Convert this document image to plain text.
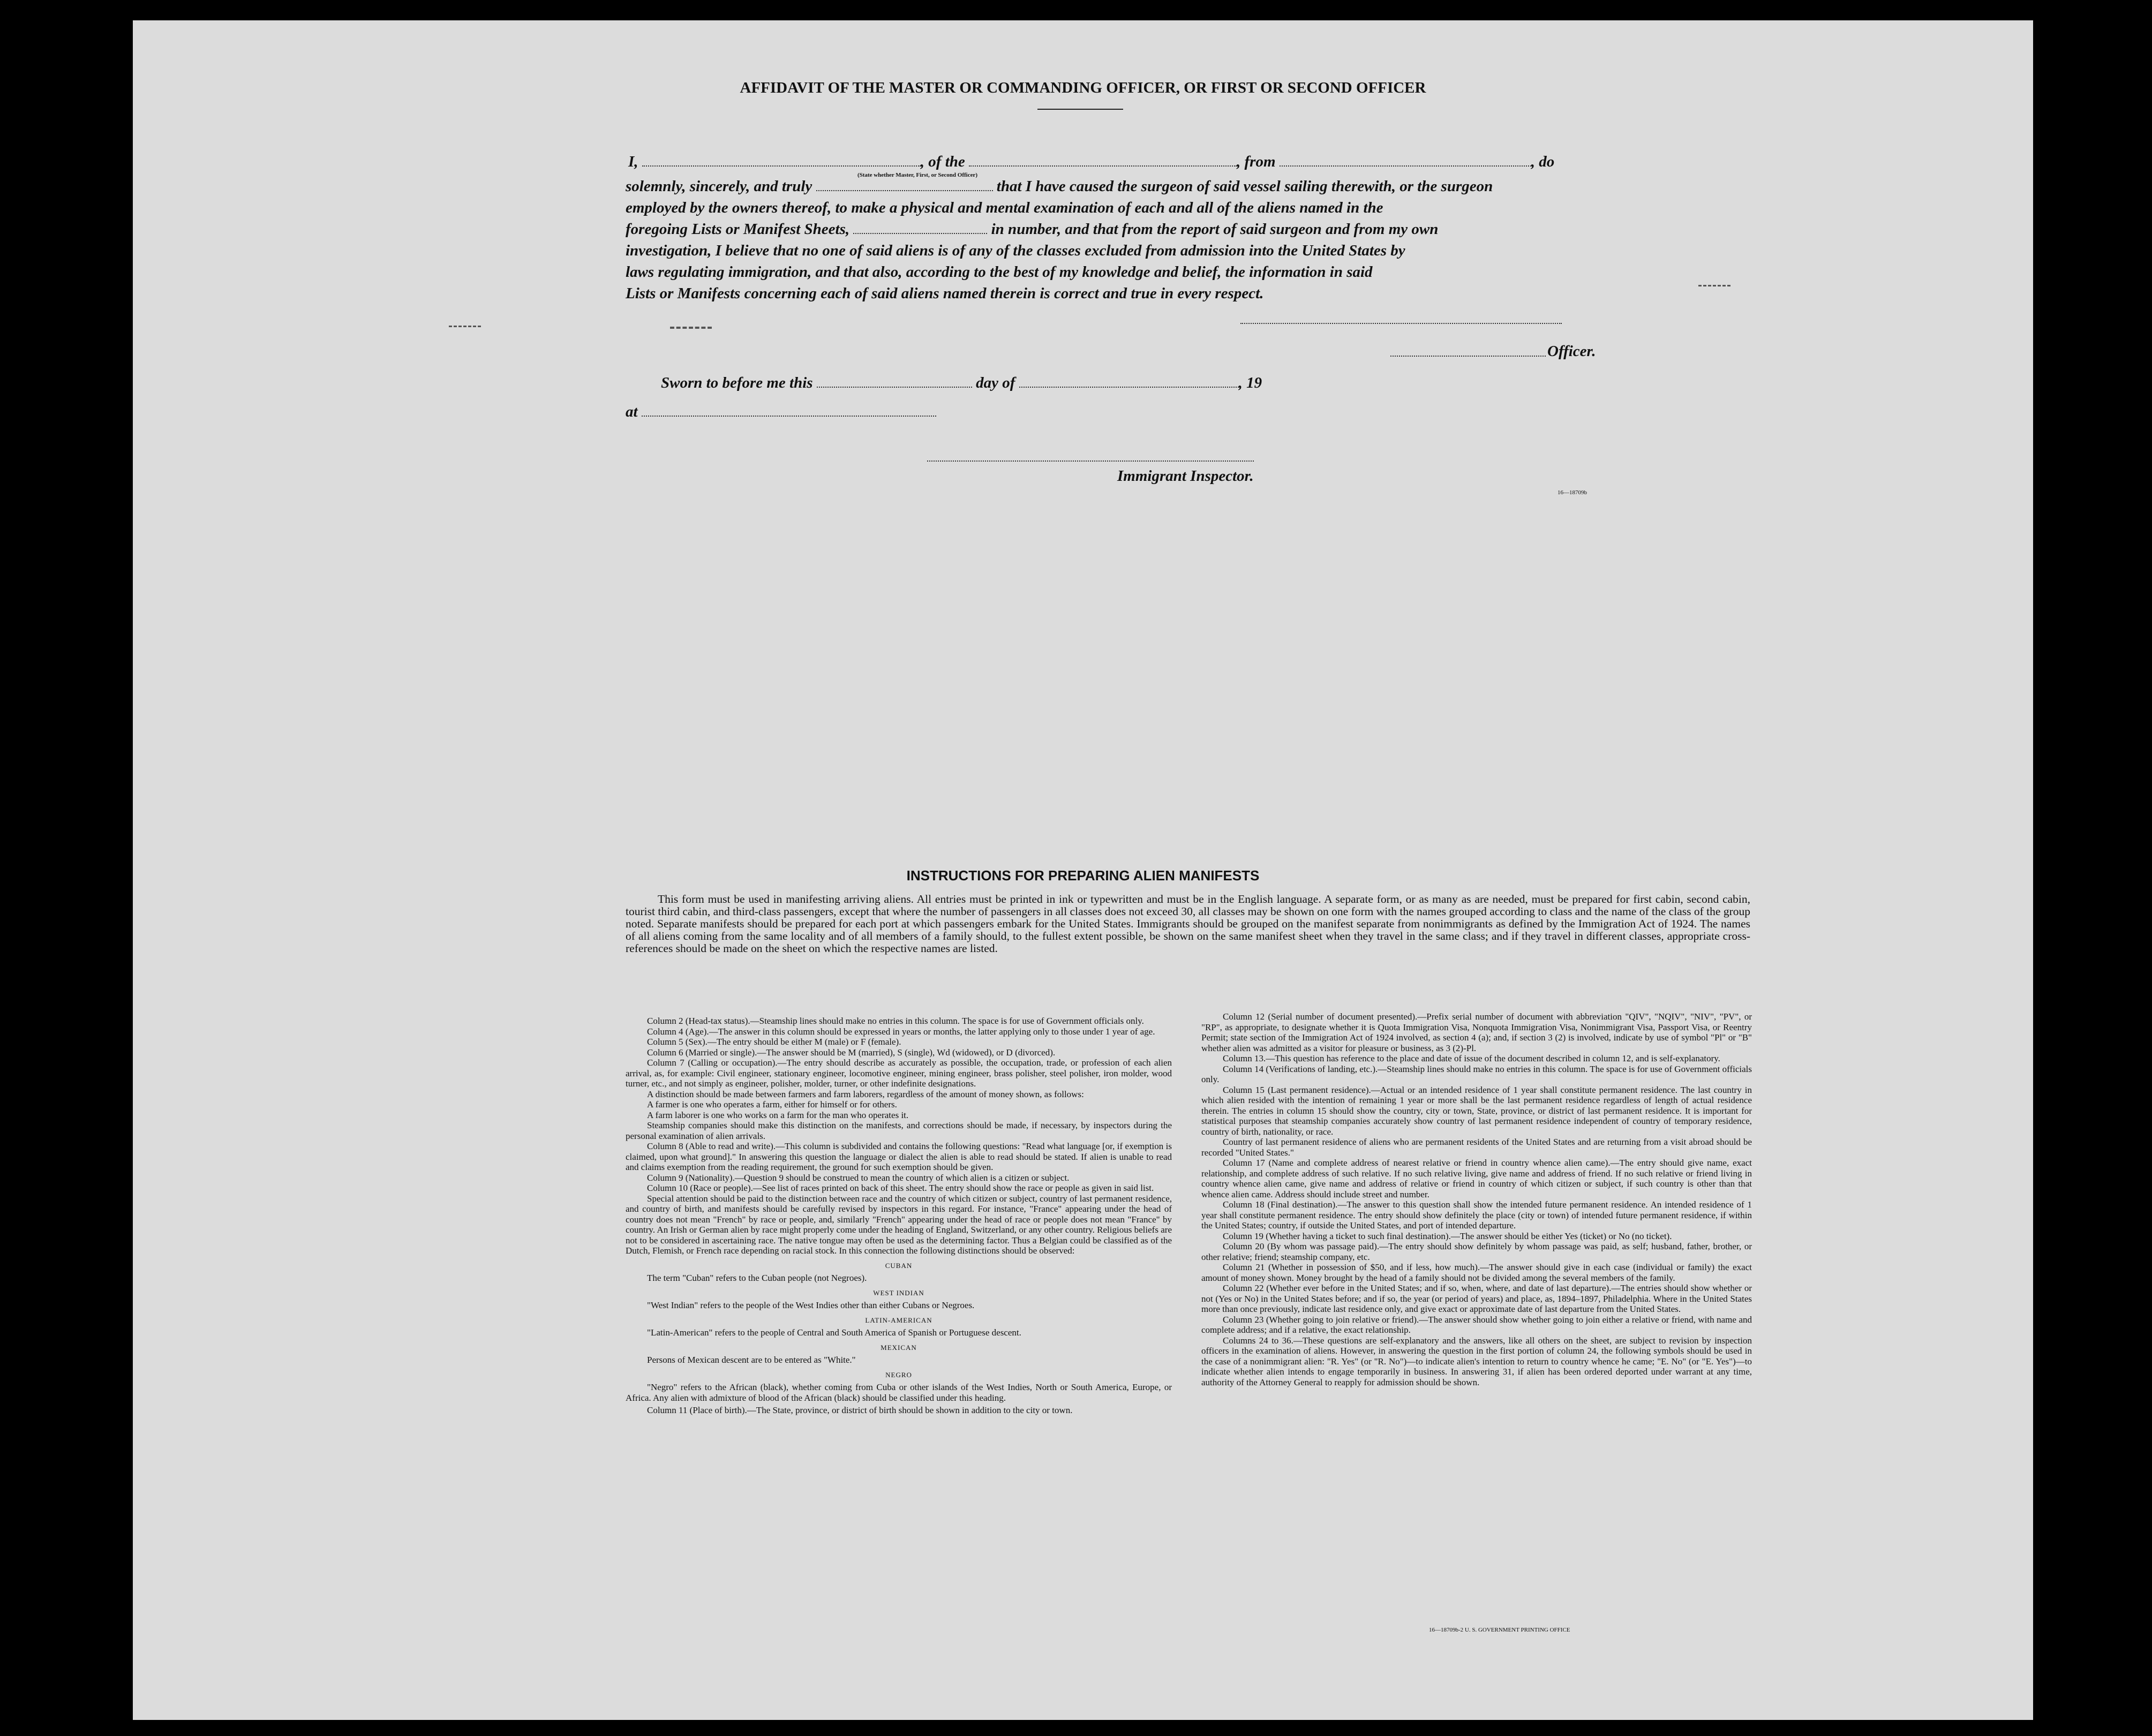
AFFIDAVIT OF THE MASTER OR COMMANDING OFFICER, OR FIRST OR SECOND OFFICER
I,	, of the	, from	, do
(State whether Master, First, or Second Officer)
solemnly, sincerely, and truly	that I have caused the surgeon of said vessel sailing therewith, or the surgeon
employed by the owners thereof, to make a physical and mental examination of each and all of the aliens named in the
foregoing Lists or Manifest Sheets,	in number, and that from the report of said surgeon and from my own
investigation, I believe that no one of said aliens is of any of the classes excluded from admission into the United States by
laws regulating immigration, and that also, according to the best of my knowledge and belief, the information in said
Lists or Manifests concerning each of said aliens named therein is correct and true in every respect.
Officer.
Sworn to before me this	day of	, 19
at
Immigrant Inspector.
16—18709b
INSTRUCTIONS FOR PREPARING ALIEN MANIFESTS
This form must be used in manifesting arriving aliens. All entries must be printed in ink or typewritten and must be in the English language. A separate form, or as many as are needed, must be prepared for first cabin, second cabin, tourist third cabin, and third-class passengers, except that where the number of passengers in all classes does not exceed 30, all classes may be shown on one form with the names grouped according to class and the name of the class of the group noted. Separate manifests should be prepared for each port at which passengers embark for the United States. Immigrants should be grouped on the manifest separate from nonimmigrants as defined by the Immigration Act of 1924. The names of all aliens coming from the same locality and of all members of a family should, to the fullest extent possible, be shown on the same manifest sheet when they travel in the same class; and if they travel in different classes, appropriate cross-references should be made on the sheet on which the respective names are listed.

Column 2 (Head-tax status).—Steamship lines should make no entries in this column. The space is for use of Government officials only.

Column 4 (Age).—The answer in this column should be expressed in years or months, the latter applying only to those under 1 year of age.

Column 5 (Sex).—The entry should be either M (male) or F (female).

Column 6 (Married or single).—The answer should be M (married), S (single), Wd (widowed), or D (divorced).

Column 7 (Calling or occupation).—The entry should describe as accurately as possible, the occupation, trade, or profession of each alien arrival, as, for example: Civil engineer, stationary engineer, locomotive engineer, mining engineer, brass polisher, steel polisher, iron molder, wood turner, etc., and not simply as engineer, polisher, molder, turner, or other indefinite designations.

A distinction should be made between farmers and farm laborers, regardless of the amount of money shown, as follows:

A farmer is one who operates a farm, either for himself or for others.

A farm laborer is one who works on a farm for the man who operates it.

Steamship companies should make this distinction on the manifests, and corrections should be made, if necessary, by inspectors during the personal examination of alien arrivals.

Column 8 (Able to read and write).—This column is subdivided and contains the following questions: "Read what language [or, if exemption is claimed, upon what ground]." In answering this question the language or dialect the alien is able to read should be stated. If alien is unable to read and claims exemption from the reading requirement, the ground for such exemption should be given.

Column 9 (Nationality).—Question 9 should be construed to mean the country of which alien is a citizen or subject.

Column 10 (Race or people).—See list of races printed on back of this sheet. The entry should show the race or people as given in said list.

Special attention should be paid to the distinction between race and the country of which citizen or subject, country of last permanent residence, and country of birth, and manifests should be carefully revised by inspectors in this regard. For instance, "France" appearing under the head of country does not mean "French" by race or people, and, similarly "French" appearing under the head of race or people does not mean "France" by country. An Irish or German alien by race might properly come under the heading of England, Switzerland, or any other country. Religious beliefs are not to be considered in ascertaining race. The native tongue may often be used as the determining factor. Thus a Belgian could be classified as of the Dutch, Flemish, or French race depending on racial stock. In this connection the following distinctions should be observed:

CUBAN

The term "Cuban" refers to the Cuban people (not Negroes).

WEST INDIAN

"West Indian" refers to the people of the West Indies other than either Cubans or Negroes.

LATIN-AMERICAN

"Latin-American" refers to the people of Central and South America of Spanish or Portuguese descent.

MEXICAN

Persons of Mexican descent are to be entered as "White."

NEGRO

"Negro" refers to the African (black), whether coming from Cuba or other islands of the West Indies, North or South America, Europe, or Africa. Any alien with admixture of blood of the African (black) should be classified under this heading.

Column 11 (Place of birth).—The State, province, or district of birth should be shown in addition to the city or town.

Column 12 (Serial number of document presented).—Prefix serial number of document with abbreviation "QIV", "NQIV", "NIV", "PV", or "RP", as appropriate, to designate whether it is Quota Immigration Visa, Nonquota Immigration Visa, Nonimmigrant Visa, Passport Visa, or Reentry Permit; state section of the Immigration Act of 1924 involved, as section 4 (a); and, if section 3 (2) is involved, indicate by use of symbol "Pl" or "B" whether alien was admitted as a visitor for pleasure or business, as 3 (2)-Pl.

Column 13.—This question has reference to the place and date of issue of the document described in column 12, and is self-explanatory.

Column 14 (Verifications of landing, etc.).—Steamship lines should make no entries in this column. The space is for use of Government officials only.

Column 15 (Last permanent residence).—Actual or an intended residence of 1 year shall constitute permanent residence. The last country in which alien resided with the intention of remaining 1 year or more shall be the last permanent residence regardless of length of actual residence therein. The entries in column 15 should show the country, city or town, State, province, or district of last permanent residence. It is important for statistical purposes that steamship companies accurately show country of last permanent residence independent of country of temporary residence, country of birth, nationality, or race.

Country of last permanent residence of aliens who are permanent residents of the United States and are returning from a visit abroad should be recorded "United States."

Column 17 (Name and complete address of nearest relative or friend in country whence alien came).—The entry should give name, exact relationship, and complete address of such relative. If no such relative living, give name and address of friend. If no such relative or friend living in country whence alien came, give name and address of relative or friend in country of which citizen or subject, if such country is other than that whence alien came. Address should include street and number.

Column 18 (Final destination).—The answer to this question shall show the intended future permanent residence. An intended residence of 1 year shall constitute permanent residence. The entry should show definitely the place (city or town) of intended future permanent residence, if within the United States; country, if outside the United States, and port of intended departure.

Column 19 (Whether having a ticket to such final destination).—The answer should be either Yes (ticket) or No (no ticket).

Column 20 (By whom was passage paid).—The entry should show definitely by whom passage was paid, as self; husband, father, brother, or other relative; friend; steamship company, etc.

Column 21 (Whether in possession of $50, and if less, how much).—The answer should give in each case (individual or family) the exact amount of money shown. Money brought by the head of a family should not be divided among the several members of the family.

Column 22 (Whether ever before in the United States; and if so, when, where, and date of last departure).—The entries should show whether or not (Yes or No) in the United States before; and if so, the year (or period of years) and place, as, 1894–1897, Philadelphia. Where in the United States more than once previously, indicate last residence only, and give exact or approximate date of last departure from the United States.

Column 23 (Whether going to join relative or friend).—The answer should show whether going to join either a relative or friend, with name and complete address; and if a relative, the exact relationship.

Columns 24 to 36.—These questions are self-explanatory and the answers, like all others on the sheet, are subject to revision by inspection officers in the examination of aliens. However, in answering the question in the first portion of column 24, the following symbols should be used in the case of a nonimmigrant alien: "R. Yes" (or "R. No")—to indicate alien's intention to return to country whence he came; "E. No" (or "E. Yes")—to indicate whether alien intends to engage temporarily in business. In answering 31, if alien has been ordered deported under warrant at any time, authority of the Attorney General to reapply for admission should be shown.

16—18709b-2 U. S. GOVERNMENT PRINTING OFFICE
